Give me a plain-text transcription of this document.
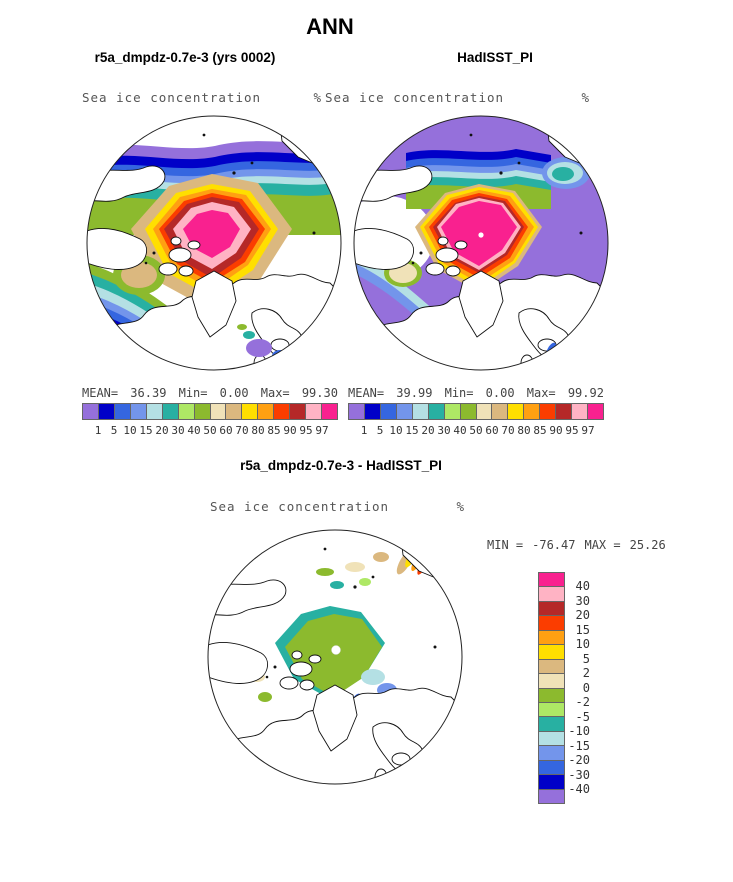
ANN
r5a_dmpdz-0.7e-3 (yrs 0002)	HadISST_PI
Sea ice concentration	% Sea ice concentration	%
MEAN= 36.39 Min= 0.00 Max= 99.30 MEAN= 39.99 Min= 0.00 Max= 99.92
1 5 10 15 20 30 40 50 60 70 80 85 90 95 97	1 5 10 15 20 30 40 50 60 70 80 85 90 95 97
r5a_dmpdz-0.7e-3 - HadISST_PI
Sea ice concentration	%
MIN = -76.47 MAX = 25.26
40
30
20
15
10
5
2
0
-2
-5
-10
-15
-20
-30
-40
